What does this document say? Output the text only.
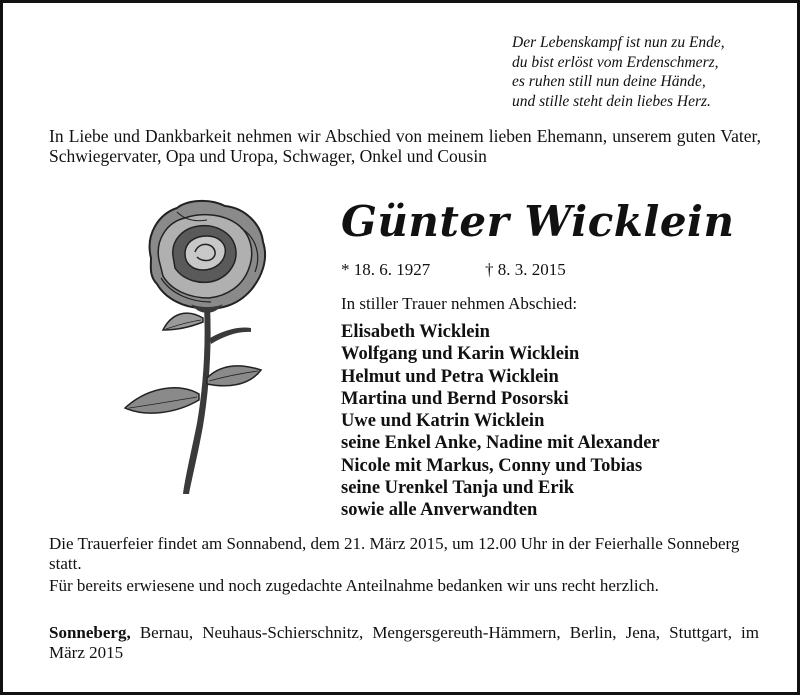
Der Lebenskampf ist nun zu Ende,
du bist erlöst vom Erdenschmerz,
es ruhen still nun deine Hände,
und stille steht dein liebes Herz.
In Liebe und Dankbarkeit nehmen wir Abschied von meinem lieben Ehemann, unserem guten Vater, Schwiegervater, Opa und Uropa, Schwager, Onkel und Cousin
Günter Wicklein
* 18. 6. 1927	† 8. 3. 2015
In stiller Trauer nehmen Abschied:
Elisabeth Wicklein
Wolfgang und Karin Wicklein
Helmut und Petra Wicklein
Martina und Bernd Posorski
Uwe und Katrin Wicklein
seine Enkel Anke, Nadine mit Alexander
Nicole mit Markus, Conny und Tobias
seine Urenkel Tanja und Erik
sowie alle Anverwandten
Die Trauerfeier findet am Sonnabend, dem 21. März 2015, um 12.00 Uhr in der Feierhalle Sonneberg statt.
Für bereits erwiesene und noch zugedachte Anteilnahme bedanken wir uns recht herzlich.
Sonneberg, Bernau, Neuhaus-Schierschnitz, Mengersgereuth-Hämmern, Berlin, Jena, Stuttgart, im März 2015
